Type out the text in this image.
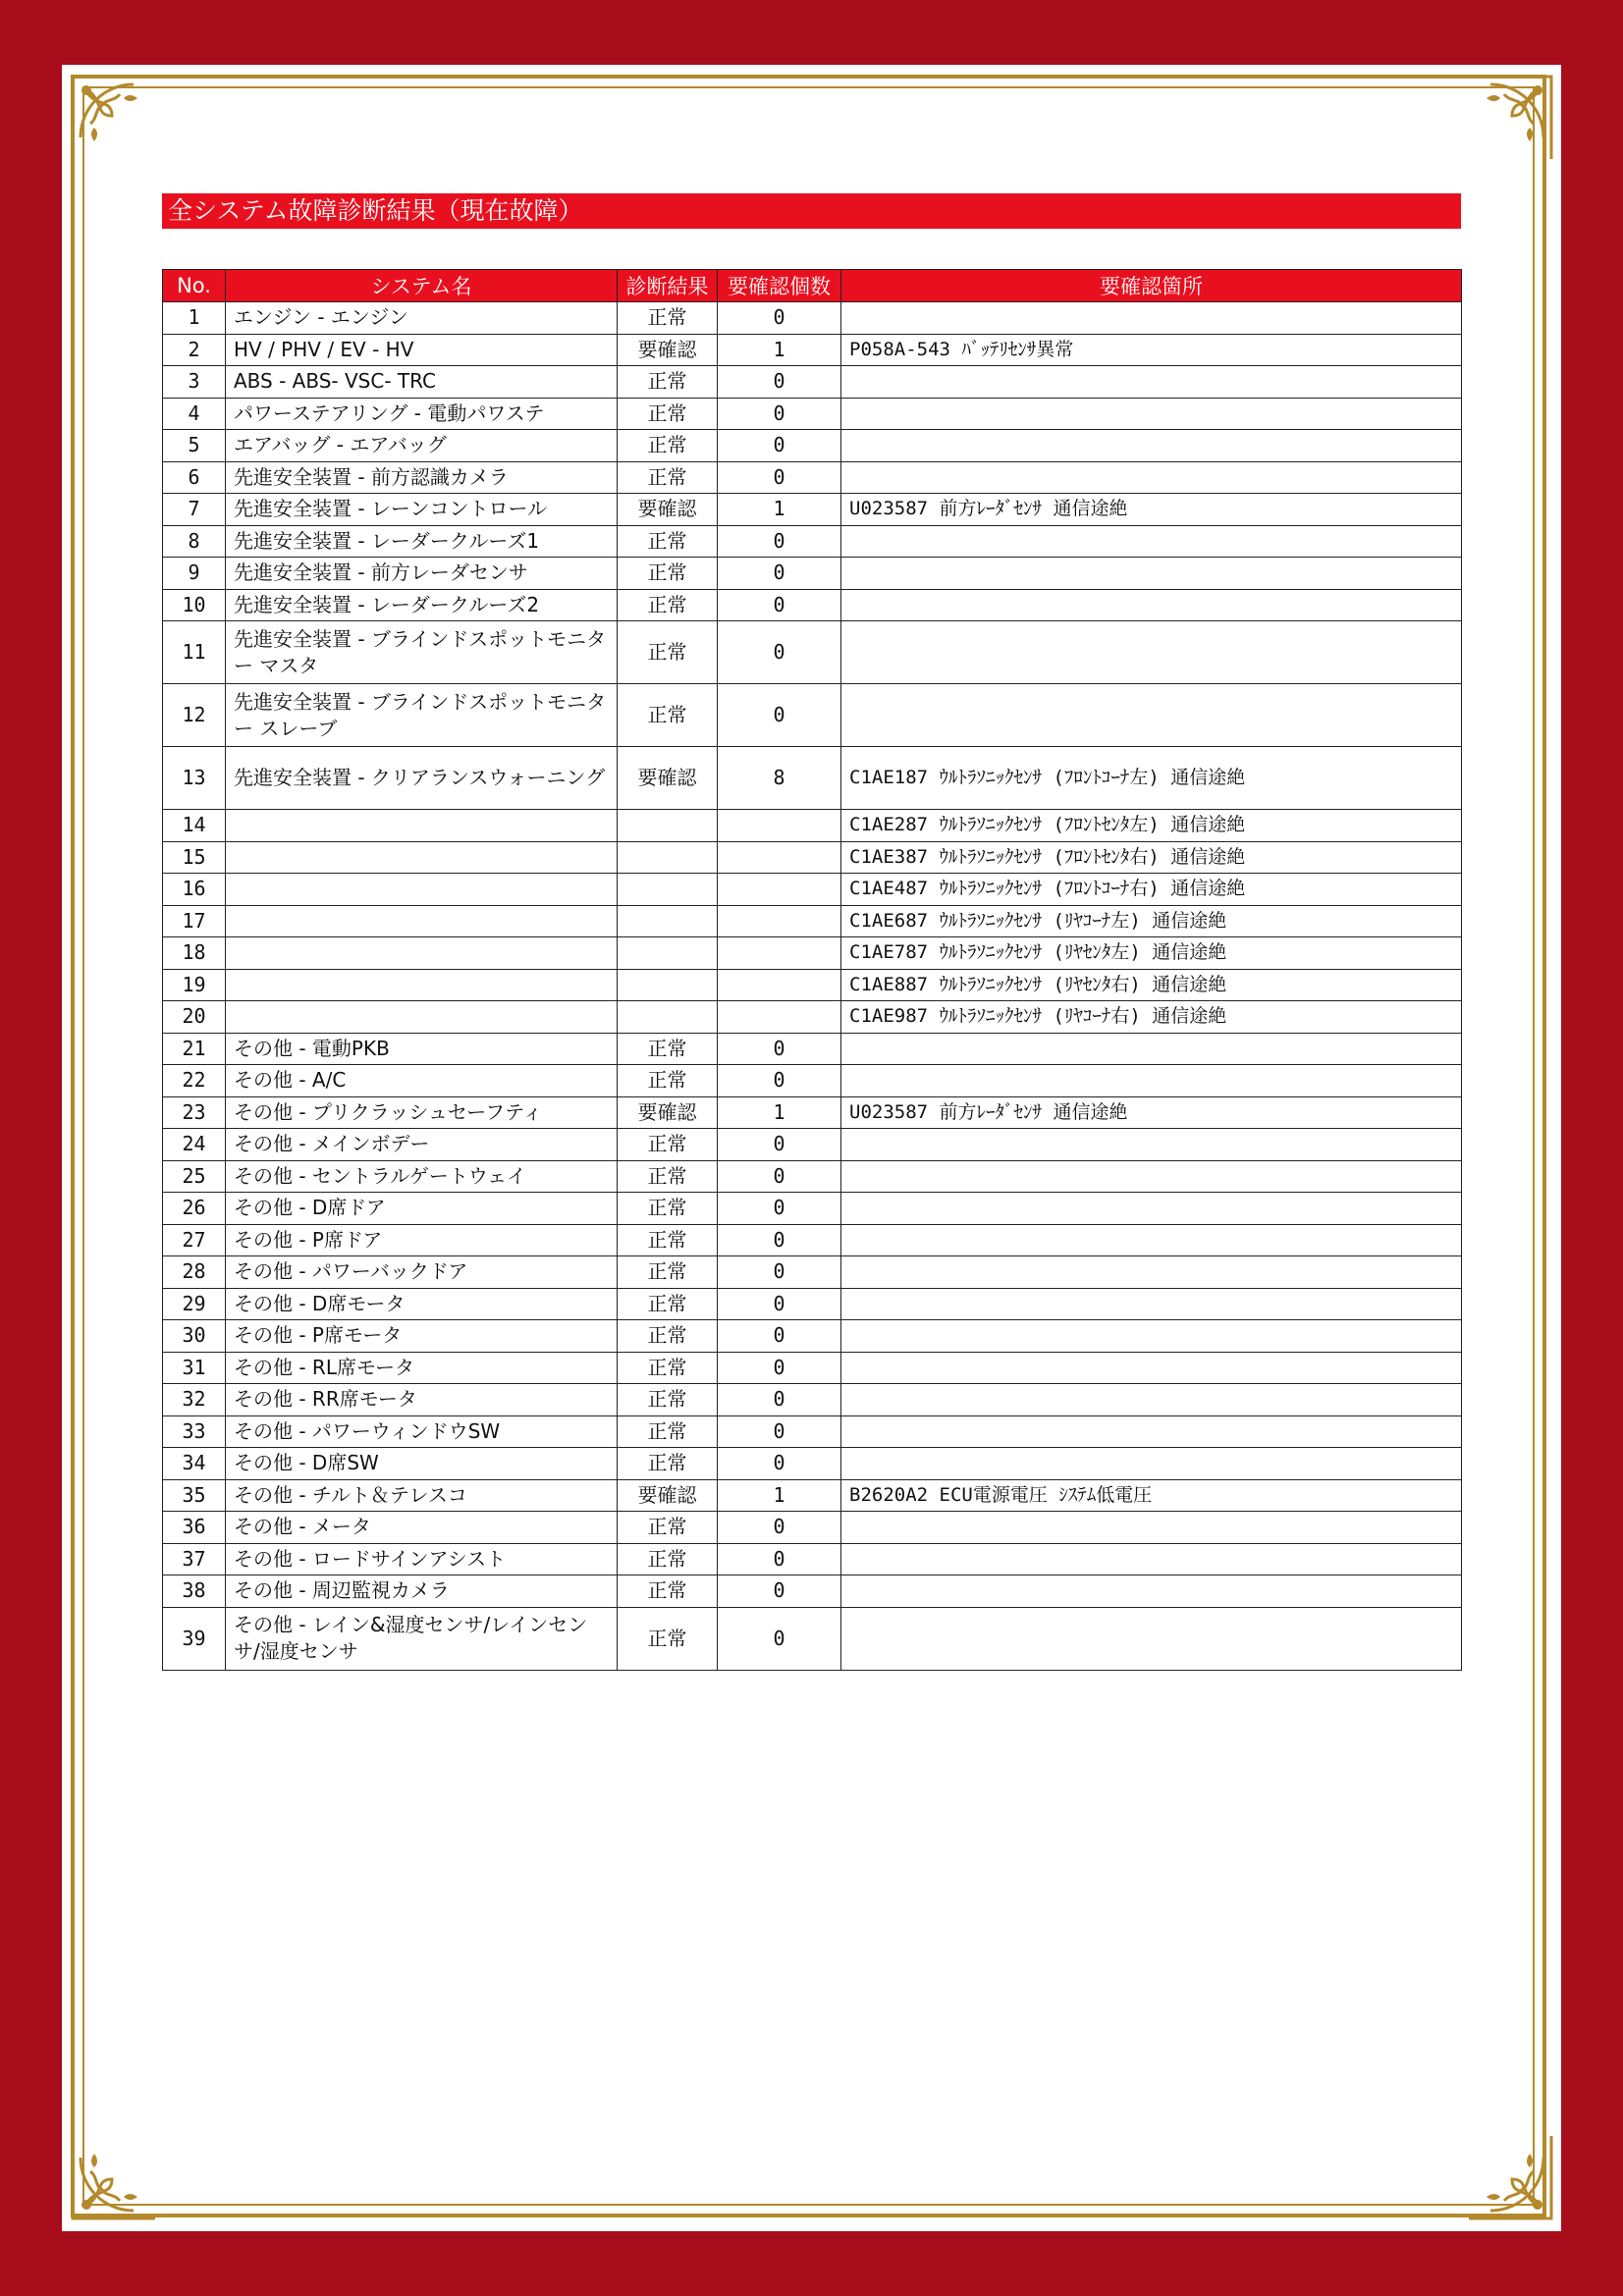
全システム故障診断結果（現在故障）
No.	システム名	診断結果	要確認個数	要確認箇所
1	エンジン - エンジン	正常	0	
2	HV / PHV / EV - HV	要確認	1	P058A-543 ﾊﾞｯﾃﾘｾﾝｻ異常
3	ABS - ABS- VSC- TRC	正常	0	
4	パワーステアリング - 電動パワステ	正常	0	
5	エアバッグ - エアバッグ	正常	0	
6	先進安全装置 - 前方認識カメラ	正常	0	
7	先進安全装置 - レーンコントロール	要確認	1	U023587 前方ﾚｰﾀﾞｾﾝｻ 通信途絶
8	先進安全装置 - レーダークルーズ1	正常	0	
9	先進安全装置 - 前方レーダセンサ	正常	0	
10	先進安全装置 - レーダークルーズ2	正常	0	
11	先進安全装置 - ブラインドスポットモニター マスタ	正常	0	
12	先進安全装置 - ブラインドスポットモニター スレーブ	正常	0	
13	先進安全装置 - クリアランスウォーニング	要確認	8	C1AE187 ｳﾙﾄﾗｿﾆｯｸｾﾝｻ (ﾌﾛﾝﾄｺｰﾅ左) 通信途絶
14				C1AE287 ｳﾙﾄﾗｿﾆｯｸｾﾝｻ (ﾌﾛﾝﾄｾﾝﾀ左) 通信途絶
15				C1AE387 ｳﾙﾄﾗｿﾆｯｸｾﾝｻ (ﾌﾛﾝﾄｾﾝﾀ右) 通信途絶
16				C1AE487 ｳﾙﾄﾗｿﾆｯｸｾﾝｻ (ﾌﾛﾝﾄｺｰﾅ右) 通信途絶
17				C1AE687 ｳﾙﾄﾗｿﾆｯｸｾﾝｻ (ﾘﾔｺｰﾅ左) 通信途絶
18				C1AE787 ｳﾙﾄﾗｿﾆｯｸｾﾝｻ (ﾘﾔｾﾝﾀ左) 通信途絶
19				C1AE887 ｳﾙﾄﾗｿﾆｯｸｾﾝｻ (ﾘﾔｾﾝﾀ右) 通信途絶
20				C1AE987 ｳﾙﾄﾗｿﾆｯｸｾﾝｻ (ﾘﾔｺｰﾅ右) 通信途絶
21	その他 - 電動PKB	正常	0	
22	その他 - A/C	正常	0	
23	その他 - プリクラッシュセーフティ	要確認	1	U023587 前方ﾚｰﾀﾞｾﾝｻ 通信途絶
24	その他 - メインボデー	正常	0	
25	その他 - セントラルゲートウェイ	正常	0	
26	その他 - D席ドア	正常	0	
27	その他 - P席ドア	正常	0	
28	その他 - パワーバックドア	正常	0	
29	その他 - D席モータ	正常	0	
30	その他 - P席モータ	正常	0	
31	その他 - RL席モータ	正常	0	
32	その他 - RR席モータ	正常	0	
33	その他 - パワーウィンドウSW	正常	0	
34	その他 - D席SW	正常	0	
35	その他 - チルト＆テレスコ	要確認	1	B2620A2 ECU電源電圧 ｼｽﾃﾑ低電圧
36	その他 - メータ	正常	0	
37	その他 - ロードサインアシスト	正常	0	
38	その他 - 周辺監視カメラ	正常	0	
39	その他 - レイン&湿度センサ/レインセンサ/湿度センサ	正常	0	
